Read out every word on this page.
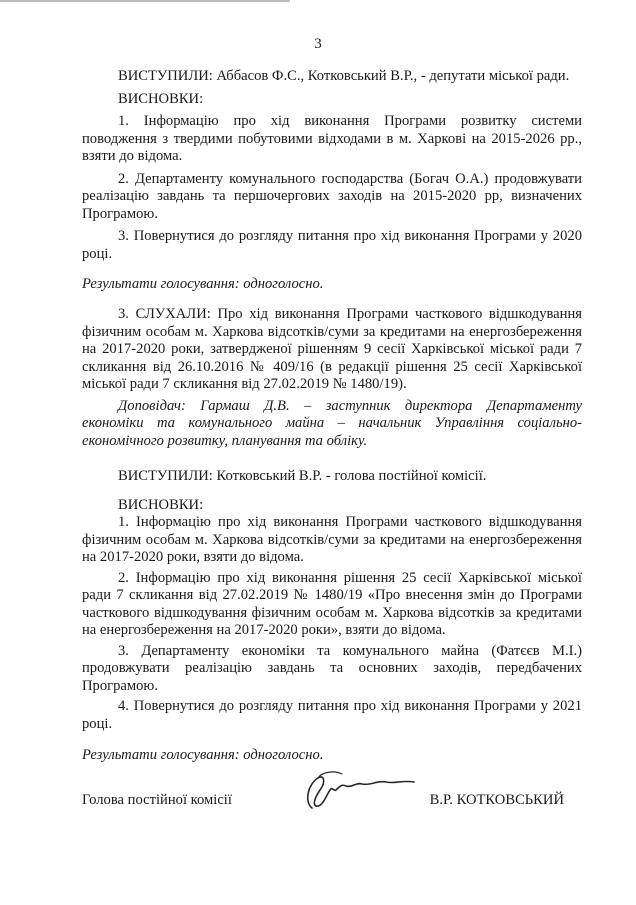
3

ВИСТУПИЛИ: Аббасов Ф.С., Котковський В.Р., - депутати міської ради.

ВИСНОВКИ:

1. Інформацію про хід виконання Програми розвитку системи поводження з твердими побутовими відходами в м. Харкові на 2015-2026 рр., взяти до відома.

2. Департаменту комунального господарства (Богач О.А.) продовжувати реалізацію завдань та першочергових заходів на 2015-2020 рр, визначених Програмою.

3. Повернутися до розгляду питання про хід виконання Програми у 2020 році.

Результати голосування: одноголосно.

3. СЛУХАЛИ: Про хід виконання Програми часткового відшкодування фізичним особам м. Харкова відсотків/суми за кредитами на енергозбереження на 2017-2020 роки, затвердженої рішенням 9 сесії Харківської міської ради 7 скликання від 26.10.2016 № 409/16 (в редакції рішення 25 сесії Харківської міської ради 7 скликання від 27.02.2019 № 1480/19).

Доповідач: Гармаш Д.В. – заступник директора Департаменту економіки та комунального майна – начальник Управління соціально-економічного розвитку, планування та обліку.

ВИСТУПИЛИ: Котковський В.Р. - голова постійної комісії.

ВИСНОВКИ:

1. Інформацію про хід виконання Програми часткового відшкодування фізичним особам м. Харкова відсотків/суми за кредитами на енергозбереження на 2017-2020 роки, взяти до відома.

2. Інформацію про хід виконання рішення 25 сесії Харківської міської ради 7 скликання від 27.02.2019 № 1480/19 «Про внесення змін до Програми часткового відшкодування фізичним особам м. Харкова відсотків за кредитами на енергозбереження на 2017-2020 роки», взяти до відома.

3. Департаменту економіки та комунального майна (Фатєєв М.І.) продовжувати реалізацію завдань та основних заходів, передбачених Програмою.

4. Повернутися до розгляду питання про хід виконання Програми у 2021 році.

Результати голосування: одноголосно.

Голова постійної комісії	В.Р. КОТКОВСЬКИЙ
